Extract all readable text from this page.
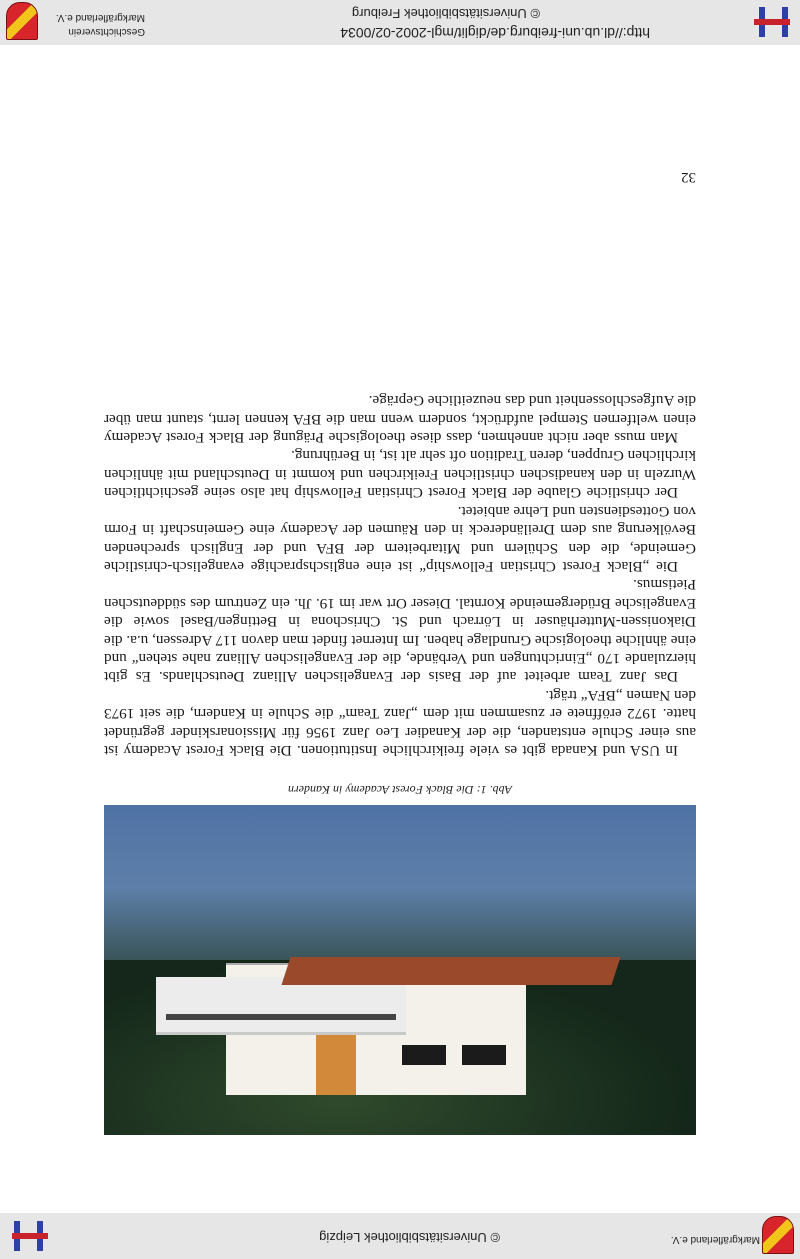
© Universitätsbibliothek Leipzig	Markgräflerland e.V.
Abb. 1: Die Black Forest Academy in Kandern

In USA und Kanada gibt es viele freikirchliche Institutionen. Die Black Forest Academy ist aus einer Schule entstanden, die der Kanadier Leo Janz 1956 für Missionarskinder gegründet hatte. 1972 eröffnete er zusammen mit dem „Janz Team“ die Schule in Kandern, die seit 1973 den Namen „BFA“ trägt.

Das Janz Team arbeitet auf der Basis der Evangelischen Allianz Deutschlands. Es gibt hierzulande 170 „Einrichtungen und Verbände, die der Evangelischen Allianz nahe stehen“ und eine ähnliche theologische Grundlage haben. Im Internet findet man davon 117 Adressen, u.a. die Diakonissen-Mutterhäuser in Lörrach und St. Chrischona in Bettingen/Basel sowie die Evangelische Brüdergemeinde Korntal. Dieser Ort war im 19. Jh. ein Zentrum des süddeutschen Pietismus.

Die „Black Forest Christian Fellowship“ ist eine englischsprachige evangelisch-christliche Gemeinde, die den Schülern und Mitarbeitern der BFA und der Englisch sprechenden Bevölkerung aus dem Dreiländereck in den Räumen der Academy eine Gemeinschaft in Form von Gottesdiensten und Lehre anbietet.

Der christliche Glaube der Black Forest Christian Fellowship hat also seine geschichtlichen Wurzeln in den kanadischen christlichen Freikirchen und kommt in Deutschland mit ähnlichen kirchlichen Gruppen, deren Tradition oft sehr alt ist, in Berührung.

Man muss aber nicht annehmen, dass diese theologische Prägung der Black Forest Academy einen weltfernen Stempel aufdrückt, sondern wenn man die BFA kennen lernt, staunt man über die Aufgeschlossenheit und das neuzeitliche Gepräge.

32
http://dl.ub.uni-freiburg.de/diglit/mgl-2002-02/0034
© Universitätsbibliothek Freiburg
Geschichtsverein
Markgräflerland e.V.
